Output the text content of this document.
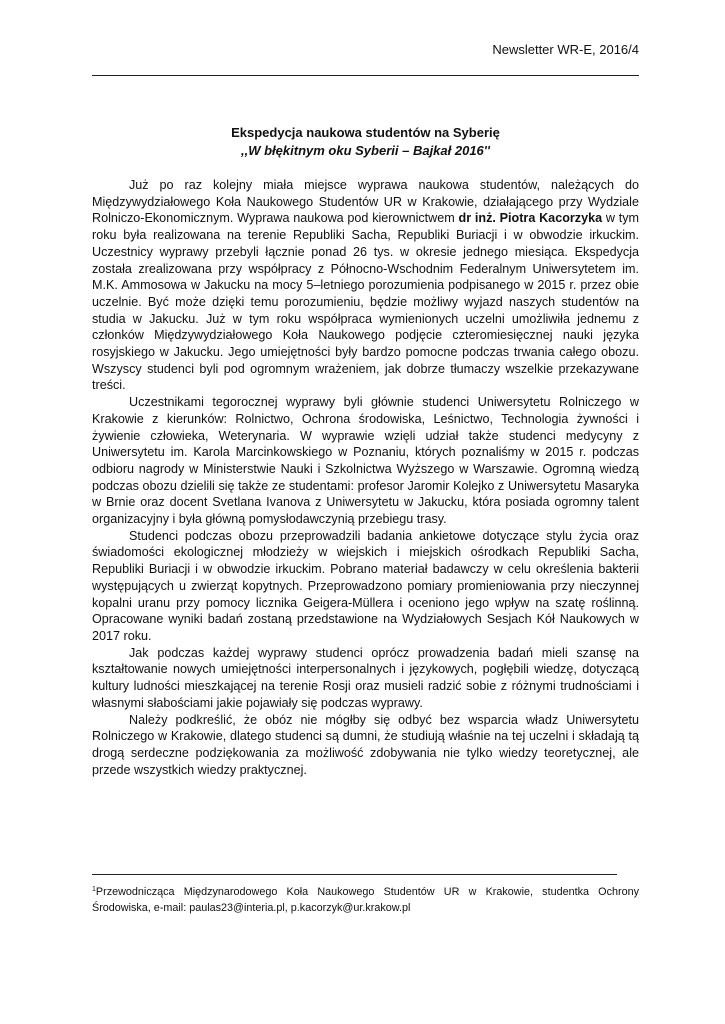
Newsletter WR-E, 2016/4
Ekspedycja naukowa studentów na Syberię
,,W błękitnym oku Syberii – Bajkał 2016''

Już po raz kolejny miała miejsce wyprawa naukowa studentów, należących do Międzywydziałowego Koła Naukowego Studentów UR w Krakowie, działającego przy Wydziale Rolniczo-Ekonomicznym. Wyprawa naukowa pod kierownictwem dr inż. Piotra Kacorzyka w tym roku była realizowana na terenie Republiki Sacha, Republiki Buriacji i w obwodzie irkuckim. Uczestnicy wyprawy przebyli łącznie ponad 26 tys. w okresie jednego miesiąca. Ekspedycja została zrealizowana przy współpracy z Północno-Wschodnim Federalnym Uniwersytetem im. M.K. Ammosowa w Jakucku na mocy 5–letniego porozumienia podpisanego w 2015 r. przez obie uczelnie. Być może dzięki temu porozumieniu, będzie możliwy wyjazd naszych studentów na studia w Jakucku. Już w tym roku współpraca wymienionych uczelni umożliwiła jednemu z członków Międzywydziałowego Koła Naukowego podjęcie czteromiesięcznej nauki języka rosyjskiego w Jakucku. Jego umiejętności były bardzo pomocne podczas trwania całego obozu. Wszyscy studenci byli pod ogromnym wrażeniem, jak dobrze tłumaczy wszelkie przekazywane treści.

Uczestnikami tegorocznej wyprawy byli głównie studenci Uniwersytetu Rolniczego w Krakowie z kierunków: Rolnictwo, Ochrona środowiska, Leśnictwo, Technologia żywności i żywienie człowieka, Weterynaria. W wyprawie wzięli udział także studenci medycyny z Uniwersytetu im. Karola Marcinkowskiego w Poznaniu, których poznaliśmy w 2015 r. podczas odbioru nagrody w Ministerstwie Nauki i Szkolnictwa Wyższego w Warszawie. Ogromną wiedzą podczas obozu dzielili się także ze studentami: profesor Jaromir Kolejko z Uniwersytetu Masaryka w Brnie oraz docent Svetlana Ivanova z Uniwersytetu w Jakucku, która posiada ogromny talent organizacyjny i była główną pomysłodawczynią przebiegu trasy.

Studenci podczas obozu przeprowadzili badania ankietowe dotyczące stylu życia oraz świadomości ekologicznej młodzieży w wiejskich i miejskich ośrodkach Republiki Sacha, Republiki Buriacji i w obwodzie irkuckim. Pobrano materiał badawczy w celu określenia bakterii występujących u zwierząt kopytnych. Przeprowadzono pomiary promieniowania przy nieczynnej kopalni uranu przy pomocy licznika Geigera-Müllera i oceniono jego wpływ na szatę roślinną. Opracowane wyniki badań zostaną przedstawione na Wydziałowych Sesjach Kół Naukowych w 2017 roku.

Jak podczas każdej wyprawy studenci oprócz prowadzenia badań mieli szansę na kształtowanie nowych umiejętności interpersonalnych i językowych, pogłębili wiedzę, dotyczącą kultury ludności mieszkającej na terenie Rosji oraz musieli radzić sobie z różnymi trudnościami i własnymi słabościami jakie pojawiały się podczas wyprawy.

Należy podkreślić, że obóz nie mógłby się odbyć bez wsparcia władz Uniwersytetu Rolniczego w Krakowie, dlatego studenci są dumni, że studiują właśnie na tej uczelni i składają tą drogą serdeczne podziękowania za możliwość zdobywania nie tylko wiedzy teoretycznej, ale przede wszystkich wiedzy praktycznej.

$^1$Przewodnicząca Międzynarodowego Koła Naukowego Studentów UR w Krakowie, studentka Ochrony Środowiska, e-mail: paulas23@interia.pl, p.kacorzyk@ur.krakow.pl
